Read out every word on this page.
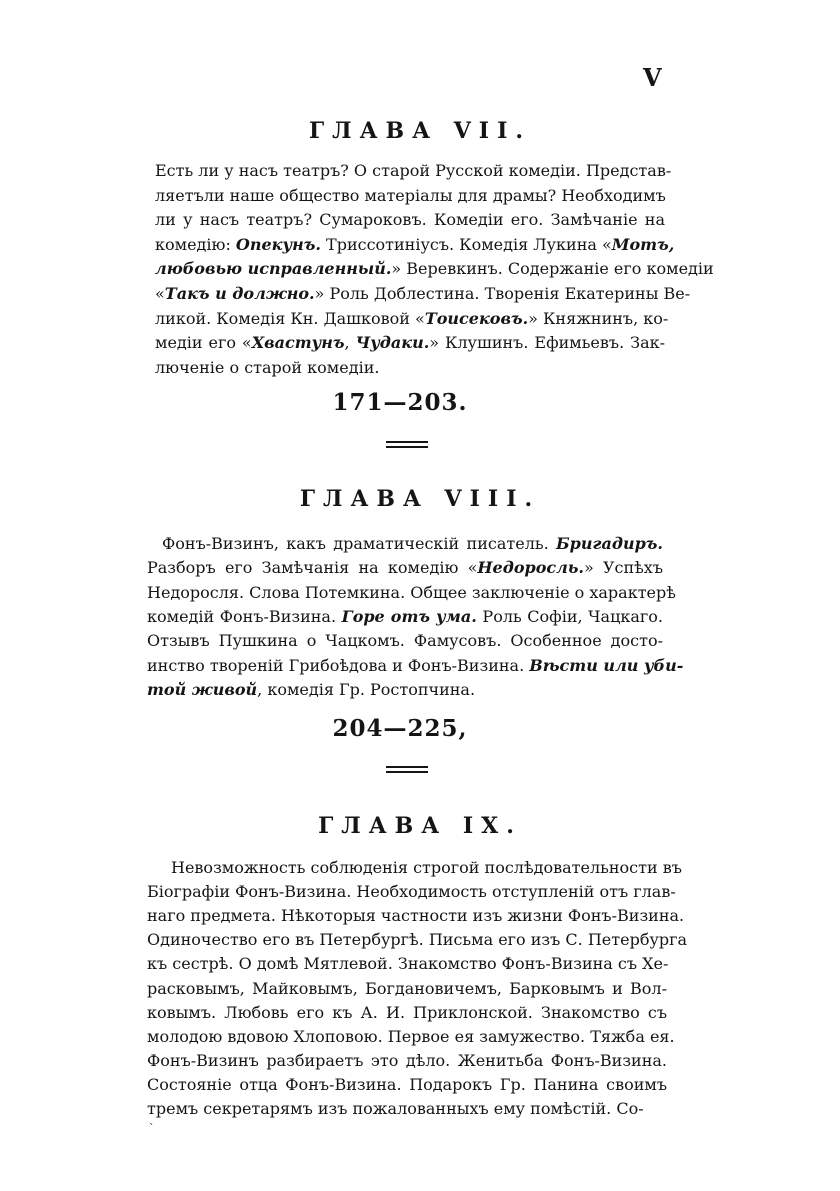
V
ГЛАВА VII.
Есть ли у насъ театръ? О старой Русской комедіи. Представ-
ляетъли наше общество матеріалы для драмы? Необходимъ
ли у насъ театръ? Сумароковъ. Комедіи его. Замѣчаніе на
комедію: Опекунъ. Триссотиніусъ. Комедія Лукина «Мотъ,
любовью исправленный.» Веревкинъ. Содержаніе его комедіи
«Такъ и должно.» Роль Доблестина. Творенія Екатерины Ве-
ликой. Комедія Кн. Дашковой «Тоисековъ.» Княжнинъ, ко-
медіи его «Хвастунъ, Чудаки.» Клушинъ. Ефимьевъ. Зак-
люченіе о старой комедіи.
171—203.
ГЛАВА VIII.
Фонъ-Визинъ, какъ драматическій писатель. Бригадиръ.
Разборъ его Замѣчанія на комедію «Недоросль.» Успѣхъ
Недоросля. Слова Потемкина. Общее заключеніе о характерѣ
комедій Фонъ-Визина. Горе отъ ума. Роль Софіи, Чацкаго.
Отзывъ Пушкина о Чацкомъ. Фамусовъ. Особенное досто-
инство твореній Грибоѣдова и Фонъ-Визина. Вѣсти или уби-
той живой, комедія Гр. Ростопчина.
204—225,
ГЛАВА IX.
Невозможность соблюденія строгой послѣдовательности въ
Біографіи Фонъ-Визина. Необходимость отступленій отъ глав-
наго предмета. Нѣкоторыя частности изъ жизни Фонъ-Визина.
Одиночество его въ Петербургѣ. Письма его изъ С. Петербурга
къ сестрѣ. О домѣ Мятлевой. Знакомство Фонъ-Визина съ Хе-
расковымъ, Майковымъ, Богдановичемъ, Барковымъ и Вол-
ковымъ. Любовь его къ А. И. Приклонской. Знакомство съ
молодою вдовою Хлоповою. Первое ея замужество. Тяжба ея.
Фонъ-Визинъ разбираетъ это дѣло. Женитьба Фонъ-Визина.
Состояніе отца Фонъ-Визина. Подарокъ Гр. Панина своимъ
тремъ секретарямъ изъ пожалованныхъ ему помѣстій. Со-
`
